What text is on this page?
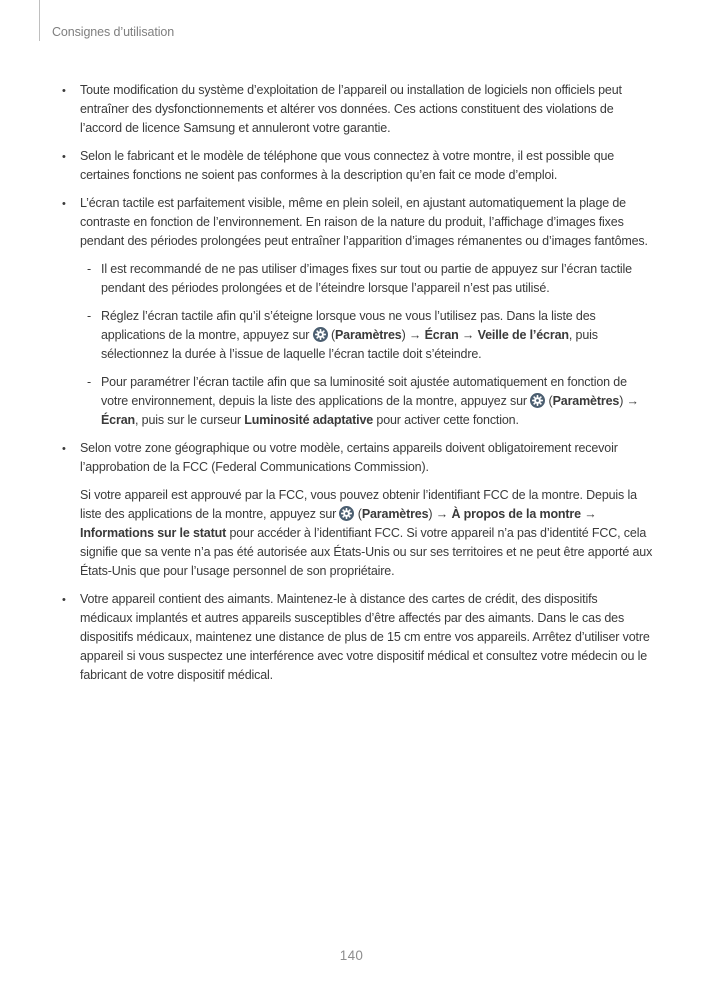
Consignes d’utilisation
• Toute modification du système d’exploitation de l’appareil ou installation de logiciels non officiels peut entraîner des dysfonctionnements et altérer vos données. Ces actions constituent des violations de l’accord de licence Samsung et annuleront votre garantie.
• Selon le fabricant et le modèle de téléphone que vous connectez à votre montre, il est possible que certaines fonctions ne soient pas conformes à la description qu’en fait ce mode d’emploi.
• L’écran tactile est parfaitement visible, même en plein soleil, en ajustant automatiquement la plage de contraste en fonction de l’environnement. En raison de la nature du produit, l’affichage d’images fixes pendant des périodes prolongées peut entraîner l’apparition d’images rémanentes ou d’images fantômes.
- Il est recommandé de ne pas utiliser d’images fixes sur tout ou partie de appuyez sur l’écran tactile pendant des périodes prolongées et de l’éteindre lorsque l’appareil n’est pas utilisé.
- Réglez l’écran tactile afin qu’il s’éteigne lorsque vous ne vous l’utilisez pas. Dans la liste des applications de la montre, appuyez sur  (Paramètres) → Écran → Veille de l’écran, puis sélectionnez la durée à l’issue de laquelle l’écran tactile doit s’éteindre.
- Pour paramétrer l’écran tactile afin que sa luminosité soit ajustée automatiquement en fonction de votre environnement, depuis la liste des applications de la montre, appuyez sur  (Paramètres) → Écran, puis sur le curseur Luminosité adaptative pour activer cette fonction.
• Selon votre zone géographique ou votre modèle, certains appareils doivent obligatoirement recevoir l’approbation de la FCC (Federal Communications Commission).
Si votre appareil est approuvé par la FCC, vous pouvez obtenir l’identifiant FCC de la montre. Depuis la liste des applications de la montre, appuyez sur  (Paramètres) → À propos de la montre → Informations sur le statut pour accéder à l’identifiant FCC. Si votre appareil n’a pas d’identité FCC, cela signifie que sa vente n’a pas été autorisée aux États-Unis ou sur ses territoires et ne peut être apporté aux États-Unis que pour l’usage personnel de son propriétaire.
• Votre appareil contient des aimants. Maintenez-le à distance des cartes de crédit, des dispositifs médicaux implantés et autres appareils susceptibles d’être affectés par des aimants. Dans le cas des dispositifs médicaux, maintenez une distance de plus de 15 cm entre vos appareils. Arrêtez d’utiliser votre appareil si vous suspectez une interférence avec votre dispositif médical et consultez votre médecin ou le fabricant de votre dispositif médical.
140
